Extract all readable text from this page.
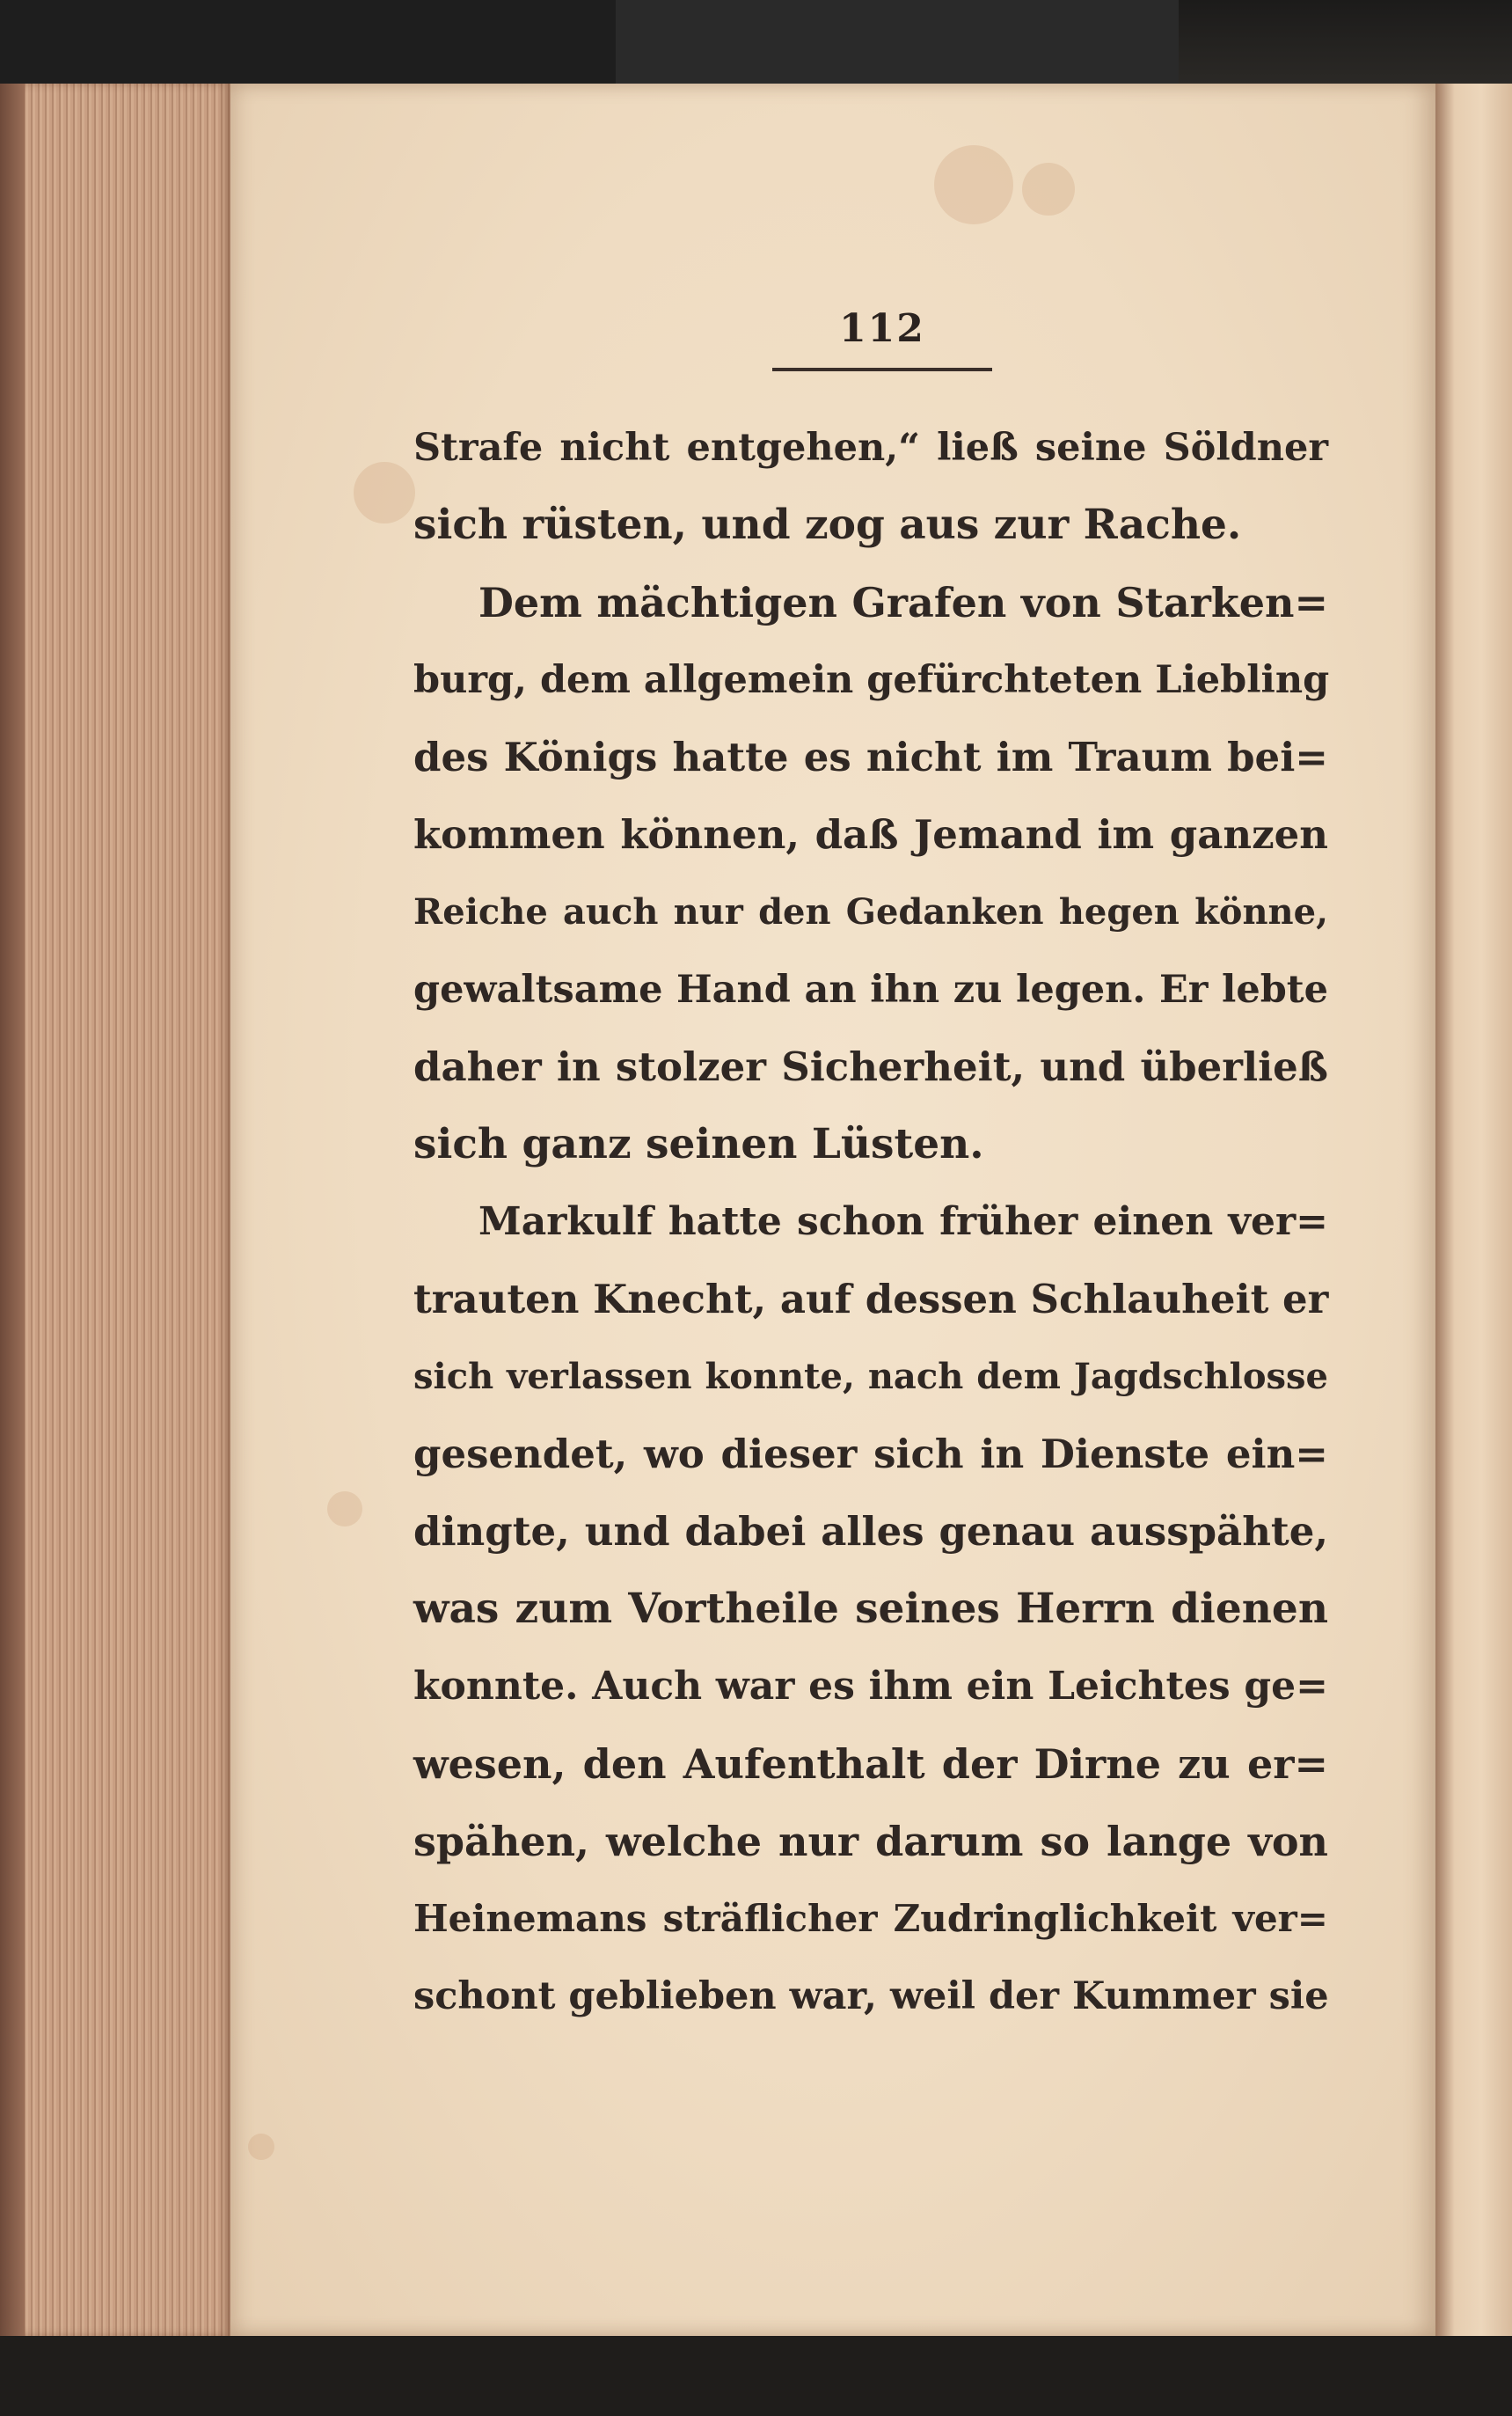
112
Strafe nicht entgehen,“ ließ seine Söldner
sich rüsten, und zog aus zur Rache.
Dem mächtigen Grafen von Starken=
burg, dem allgemein gefürchteten Liebling
des Königs hatte es nicht im Traum bei=
kommen können, daß Jemand im ganzen
Reiche auch nur den Gedanken hegen könne,
gewaltsame Hand an ihn zu legen. Er lebte
daher in stolzer Sicherheit, und überließ
sich ganz seinen Lüsten.
Markulf hatte schon früher einen ver=
trauten Knecht, auf dessen Schlauheit er
sich verlassen konnte, nach dem Jagdschlosse
gesendet, wo dieser sich in Dienste ein=
dingte, und dabei alles genau ausspähte,
was zum Vortheile seines Herrn dienen
konnte. Auch war es ihm ein Leichtes ge=
wesen, den Aufenthalt der Dirne zu er=
spähen, welche nur darum so lange von
Heinemans sträflicher Zudringlichkeit ver=
schont geblieben war, weil der Kummer sie
